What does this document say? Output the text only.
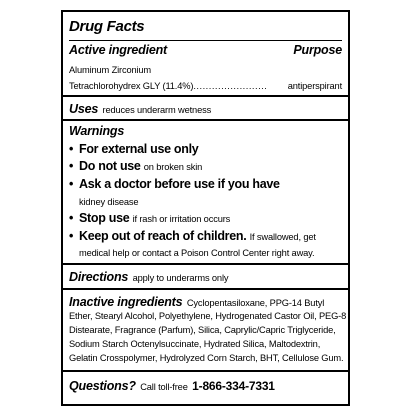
Drug Facts
Active ingredient	Purpose
Aluminum Zirconium
Tetrachlorohydrex GLY (11.4%) ........................	antiperspirant
Uses reduces underarm wetness
Warnings
• For external use only
• Do not use on broken skin
• Ask a doctor before use if you have
kidney disease
• Stop use if rash or irritation occurs
• Keep out of reach of children. If swallowed, get
medical help or contact a Poison Control Center right away.
Directions apply to underarms only
Inactive ingredients Cyclopentasiloxane, PPG-14 Butyl
Ether, Stearyl Alcohol, Polyethylene, Hydrogenated Castor Oil, PEG-8
Distearate, Fragrance (Parfum), Silica, Caprylic/Capric Triglyceride,
Sodium Starch Octenylsuccinate, Hydrated Silica, Maltodextrin,
Gelatin Crosspolymer, Hydrolyzed Corn Starch, BHT, Cellulose Gum.
Questions? Call toll-free 1-866-334-7331
